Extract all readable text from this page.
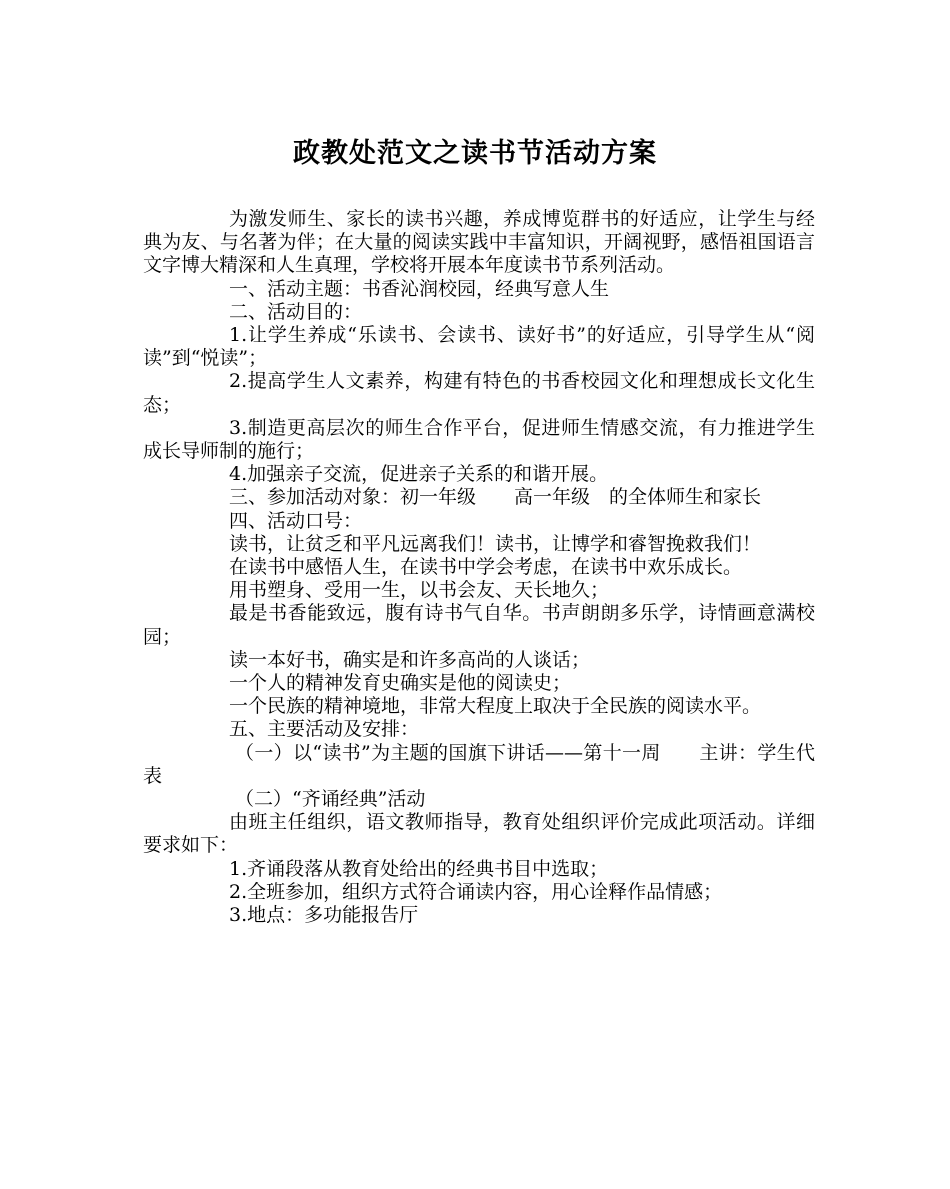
政教处范文之读书节活动方案

为激发师生、家长的读书兴趣，养成博览群书的好适应，让学生与经典为友、与名著为伴；在大量的阅读实践中丰富知识，开阔视野，感悟祖国语言文字博大精深和人生真理，学校将开展本年度读书节系列活动。

一、活动主题：书香沁润校园，经典写意人生

二、活动目的：

1.让学生养成“乐读书、会读书、读好书”的好适应，引导学生从“阅读”到“悦读”；

2.提高学生人文素养，构建有特色的书香校园文化和理想成长文化生态；

3.制造更高层次的师生合作平台，促进师生情感交流，有力推进学生成长导师制的施行；

4.加强亲子交流，促进亲子关系的和谐开展。

三、参加活动对象：初一年级　　高一年级　的全体师生和家长

四、活动口号：

读书，让贫乏和平凡远离我们！读书，让博学和睿智挽救我们！

在读书中感悟人生，在读书中学会考虑，在读书中欢乐成长。

用书塑身、受用一生，以书会友、天长地久；

最是书香能致远，腹有诗书气自华。书声朗朗多乐学，诗情画意满校园；

读一本好书，确实是和许多高尚的人谈话；

一个人的精神发育史确实是他的阅读史；

一个民族的精神境地，非常大程度上取决于全民族的阅读水平。

五、主要活动及安排：

（一）以“读书”为主题的国旗下讲话——第十一周　　主讲：学生代表

（二）“齐诵经典”活动

由班主任组织，语文教师指导，教育处组织评价完成此项活动。详细要求如下：

1.齐诵段落从教育处给出的经典书目中选取；

2.全班参加，组织方式符合诵读内容，用心诠释作品情感；

3.地点：多功能报告厅
